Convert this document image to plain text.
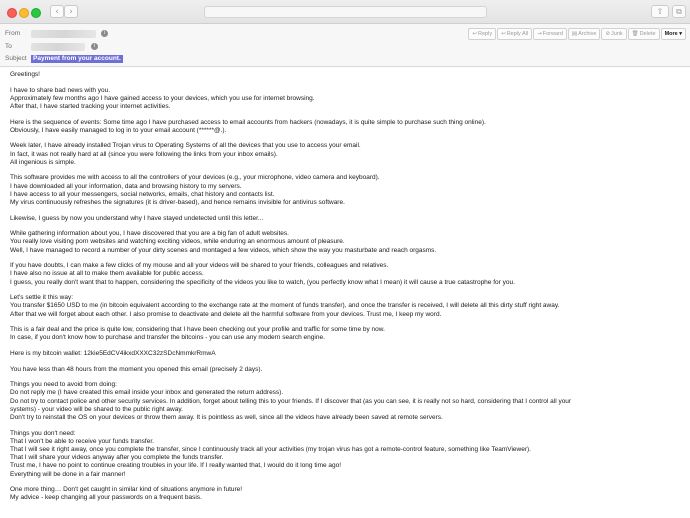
‹	›	⇧	⧉
From	i
To	i
Subject Payment from your account.
↩Reply ↩Reply All →Forward ▤Archive ⊘Junk 🗑Delete More ▾

Greetings!

I have to share bad news with you.

Approximately few months ago I have gained access to your devices, which you use for internet browsing.

After that, I have started tracking your internet activities.

Here is the sequence of events: Some time ago I have purchased access to email accounts from hackers (nowadays, it is quite simple to purchase such thing online).

Obviously, I have easily managed to log in to your email account (******@.).

Week later, I have already installed Trojan virus to Operating Systems of all the devices that you use to access your email.

In fact, it was not really hard at all (since you were following the links from your inbox emails).

All ingenious is simple.

This software provides me with access to all the controllers of your devices (e.g., your microphone, video camera and keyboard).

I have downloaded all your information, data and browsing history to my servers.

I have access to all your messengers, social networks, emails, chat history and contacts list.

My virus continuously refreshes the signatures (it is driver-based), and hence remains invisible for antivirus software.

Likewise, I guess by now you understand why I have stayed undetected until this letter...

While gathering information about you, I have discovered that you are a big fan of adult websites.

You really love visiting porn websites and watching exciting videos, while enduring an enormous amount of pleasure.

Well, I have managed to record a number of your dirty scenes and montaged a few videos, which show the way you masturbate and reach orgasms.

If you have doubts, I can make a few clicks of my mouse and all your videos will be shared to your friends, colleagues and relatives.

I have also no issue at all to make them available for public access.

I guess, you really don't want that to happen, considering the specificity of the videos you like to watch, (you perfectly know what I mean) it will cause a true catastrophe for you.

Let's settle it this way:

You transfer $1650 USD to me (in bitcoin equivalent according to the exchange rate at the moment of funds transfer), and once the transfer is received, I will delete all this dirty stuff right away.

After that we will forget about each other. I also promise to deactivate and delete all the harmful software from your devices. Trust me, I keep my word.

This is a fair deal and the price is quite low, considering that I have been checking out your profile and traffic for some time by now.

In case, if you don't know how to purchase and transfer the bitcoins - you can use any modern search engine.

Here is my bitcoin wallet: 12kie5EdCV4ikxdXXXC32zSDcNmmkrRmwA

You have less than 48 hours from the moment you opened this email (precisely 2 days).

Things you need to avoid from doing:

Do not reply me (I have created this email inside your inbox and generated the return address).

Do not try to contact police and other security services. In addition, forget about telling this to your friends. If I discover that (as you can see, it is really not so hard, considering that I control all your

systems) - your video will be shared to the public right away.

Don't try to reinstall the OS on your devices or throw them away. It is pointless as well, since all the videos have already been saved at remote servers.

Things you don't need:

That I won't be able to receive your funds transfer.

That I will see it right away, once you complete the transfer, since I continuously track all your activities (my trojan virus has got a remote-control feature, something like TeamViewer).

That I will share your videos anyway after you complete the funds transfer.

Trust me, I have no point to continue creating troubles in your life. If I really wanted that, I would do it long time ago!

Everything will be done in a fair manner!

One more thing… Don't get caught in similar kind of situations anymore in future!

My advice - keep changing all your passwords on a frequent basis.
